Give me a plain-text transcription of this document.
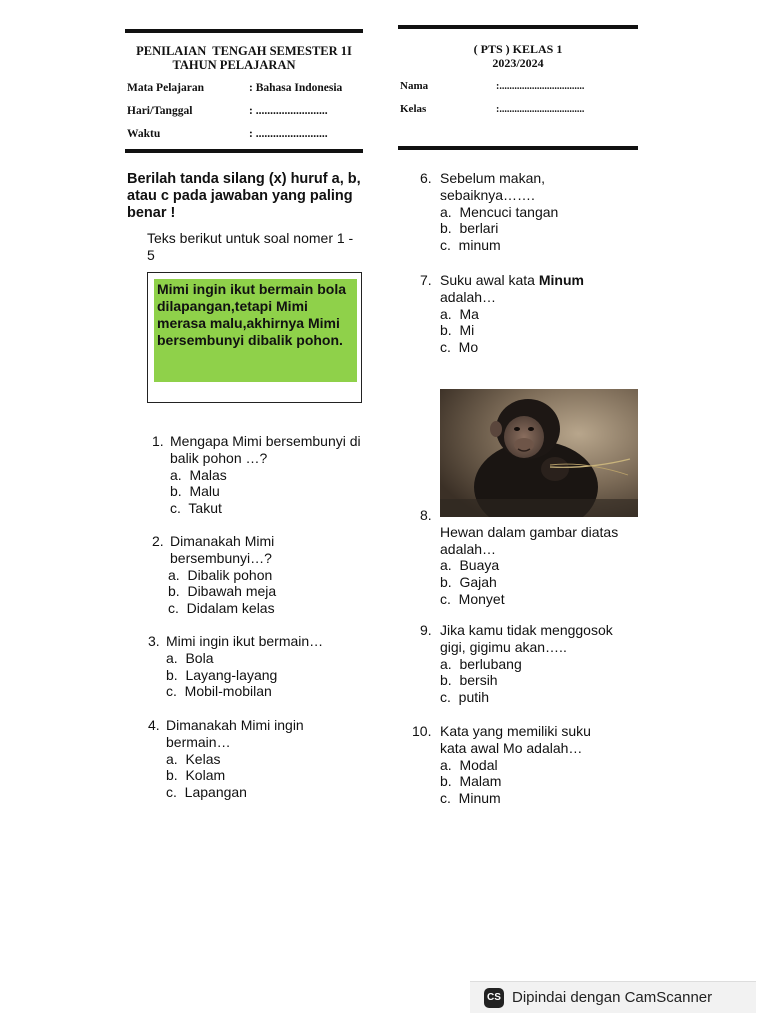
PENILAIAN  TENGAH SEMESTER 1I
TAHUN PELAJARAN
Mata Pelajaran	: Bahasa Indonesia
Hari/Tanggal	: .........................
Waktu	: .........................
( PTS ) KELAS 1
2023/2024
Nama	:..................................
Kelas	:..................................
Berilah tanda silang (x) huruf a, b, atau c pada jawaban yang paling benar !
Teks berikut untuk soal nomer 1 - 5
Mimi ingin ikut bermain bola dilapangan,tetapi Mimi merasa malu,akhirnya Mimi bersembunyi dibalik pohon.
1. Mengapa Mimi bersembunyi di balik pohon …?
a.  Malas
b.  Malu
c.  Takut
2. Dimanakah Mimi bersembunyi…?
a.  Dibalik pohon
b.  Dibawah meja
c.  Didalam kelas
3. Mimi ingin ikut bermain…
a.  Bola
b.  Layang-layang
c.  Mobil-mobilan
4. Dimanakah Mimi ingin bermain…
a.  Kelas
b.  Kolam
c.  Lapangan
6. Sebelum makan, sebaiknya…….
a.  Mencuci tangan
b.  berlari
c.  minum
7. Suku awal kata Minum
adalah…
a.  Ma
b.  Mi
c.  Mo
8.
Hewan dalam gambar diatas adalah…
a.  Buaya
b.  Gajah
c.  Monyet
9. Jika kamu tidak menggosok gigi, gigimu akan…..
a.  berlubang
b.  bersih
c.  putih
10. Kata yang memiliki suku kata awal Mo adalah…
a.  Modal
b.  Malam
c.  Minum
CS Dipindai dengan CamScanner
